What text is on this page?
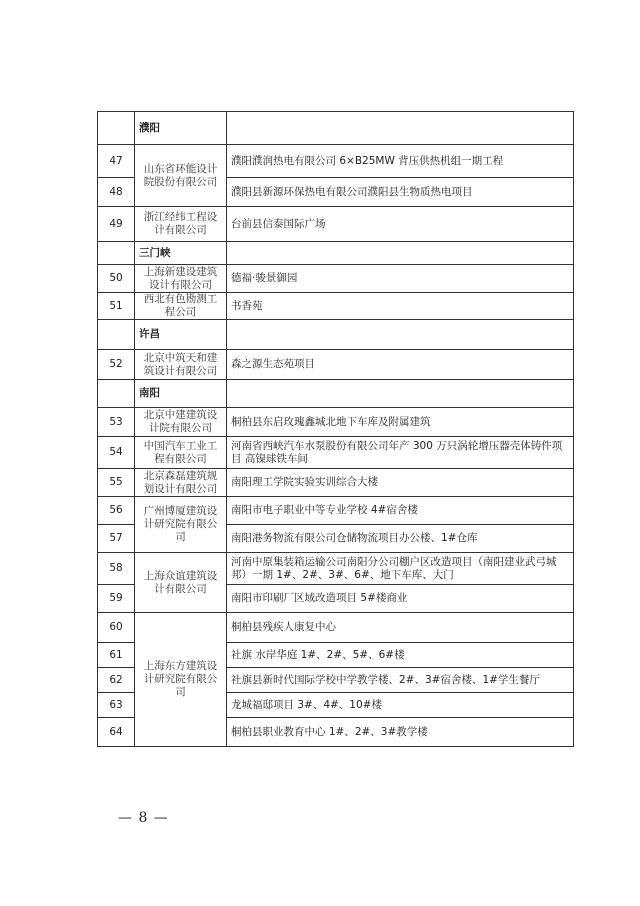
	濮阳	
47	山东省环能设计院股份有限公司	濮阳濮润热电有限公司 6×B25MW 背压供热机组一期工程
48		濮阳县新源环保热电有限公司濮阳县生物质热电项目
49	浙江经纬工程设计有限公司	台前县信泰国际广场
	三门峡	
50	上海新建设建筑设计有限公司	德福·骏景御园
51	西北有色勘测工程公司	书香苑
	许昌	
52	北京中筑天和建筑设计有限公司	森之源生态苑项目
	南阳	
53	北京中建建筑设计院有限公司	桐柏县东启玫瑰鑫城北地下车库及附属建筑
54	中国汽车工业工程有限公司	河南省西峡汽车水泵股份有限公司年产 300 万只涡轮增压器壳体铸件项目 高镍球铁车间
55	北京森磊建筑规划设计有限公司	南阳理工学院实验实训综合大楼
56	广州博厦建筑设计研究院有限公司	南阳市电子职业中等专业学校 4#宿舍楼
57		南阳港务物流有限公司仓储物流项目办公楼、1#仓库
58	上海众谊建筑设计有限公司	河南中原集装箱运输公司南阳分公司棚户区改造项目（南阳建业武弓城邦）一期 1#、2#、3#、6#、地下车库、大门
59		南阳市印刷厂区域改造项目 5#楼商业
60	上海东方建筑设计研究院有限公司	桐柏县残疾人康复中心
61		社旗 水岸华庭 1#、2#、5#、6#楼
62		社旗县新时代国际学校中学教学楼、2#、3#宿舍楼、1#学生餐厅
63		龙城福邸项目 3#、4#、10#楼
64		桐柏县职业教育中心 1#、2#、3#教学楼
— 8 —
